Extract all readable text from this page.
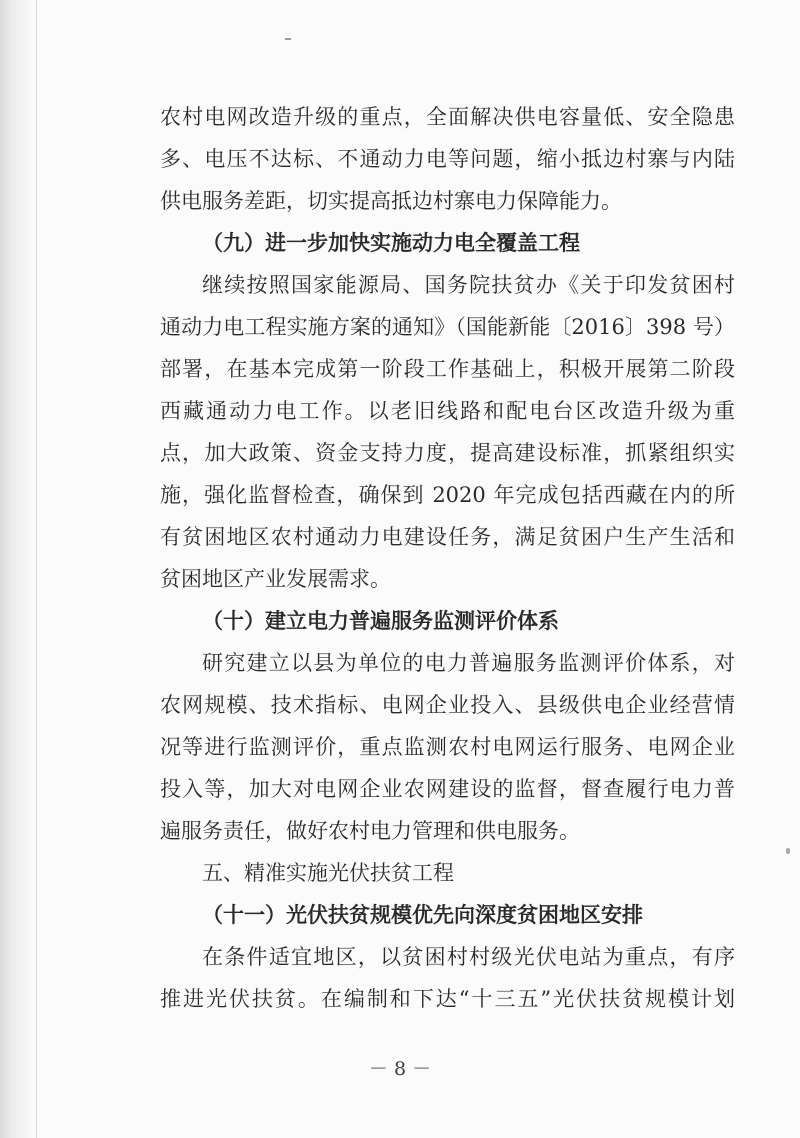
农村电网改造升级的重点，全面解决供电容量低、安全隐患
多、电压不达标、不通动力电等问题，缩小抵边村寨与内陆
供电服务差距，切实提高抵边村寨电力保障能力。
（九）进一步加快实施动力电全覆盖工程
继续按照国家能源局、国务院扶贫办《关于印发贫困村
通动力电工程实施方案的通知》（国能新能〔2016〕398 号）
部署，在基本完成第一阶段工作基础上，积极开展第二阶段
西藏通动力电工作。以老旧线路和配电台区改造升级为重
点，加大政策、资金支持力度，提高建设标准，抓紧组织实
施，强化监督检查，确保到 2020 年完成包括西藏在内的所
有贫困地区农村通动力电建设任务，满足贫困户生产生活和
贫困地区产业发展需求。
（十）建立电力普遍服务监测评价体系
研究建立以县为单位的电力普遍服务监测评价体系，对
农网规模、技术指标、电网企业投入、县级供电企业经营情
况等进行监测评价，重点监测农村电网运行服务、电网企业
投入等，加大对电网企业农网建设的监督，督查履行电力普
遍服务责任，做好农村电力管理和供电服务。
五、精准实施光伏扶贫工程
（十一）光伏扶贫规模优先向深度贫困地区安排
在条件适宜地区，以贫困村村级光伏电站为重点，有序
推进光伏扶贫。在编制和下达“十三五”光伏扶贫规模计划
－ 8 －
